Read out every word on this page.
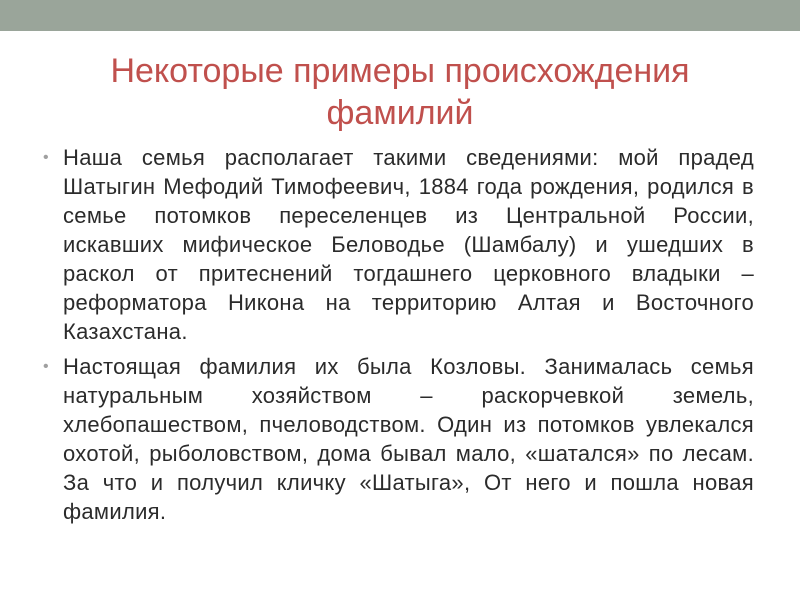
Некоторые примеры происхождения фамилий
• Наша семья располагает такими сведениями: мой прадед Шатыгин Мефодий Тимофеевич, 1884 года рождения, родился в семье потомков переселенцев из Центральной России, искавших мифическое Беловодье (Шамбалу) и ушедших в раскол от притеснений тогдашнего церковного владыки – реформатора Никона на территорию Алтая и Восточного Казахстана.
• Настоящая фамилия их была Козловы. Занималась семья натуральным хозяйством – раскорчевкой земель, хлебопашеством, пчеловодством. Один из потомков увлекался охотой, рыболовством, дома бывал мало, «шатался» по лесам. За что и получил кличку «Шатыга», От него и пошла новая фамилия.
